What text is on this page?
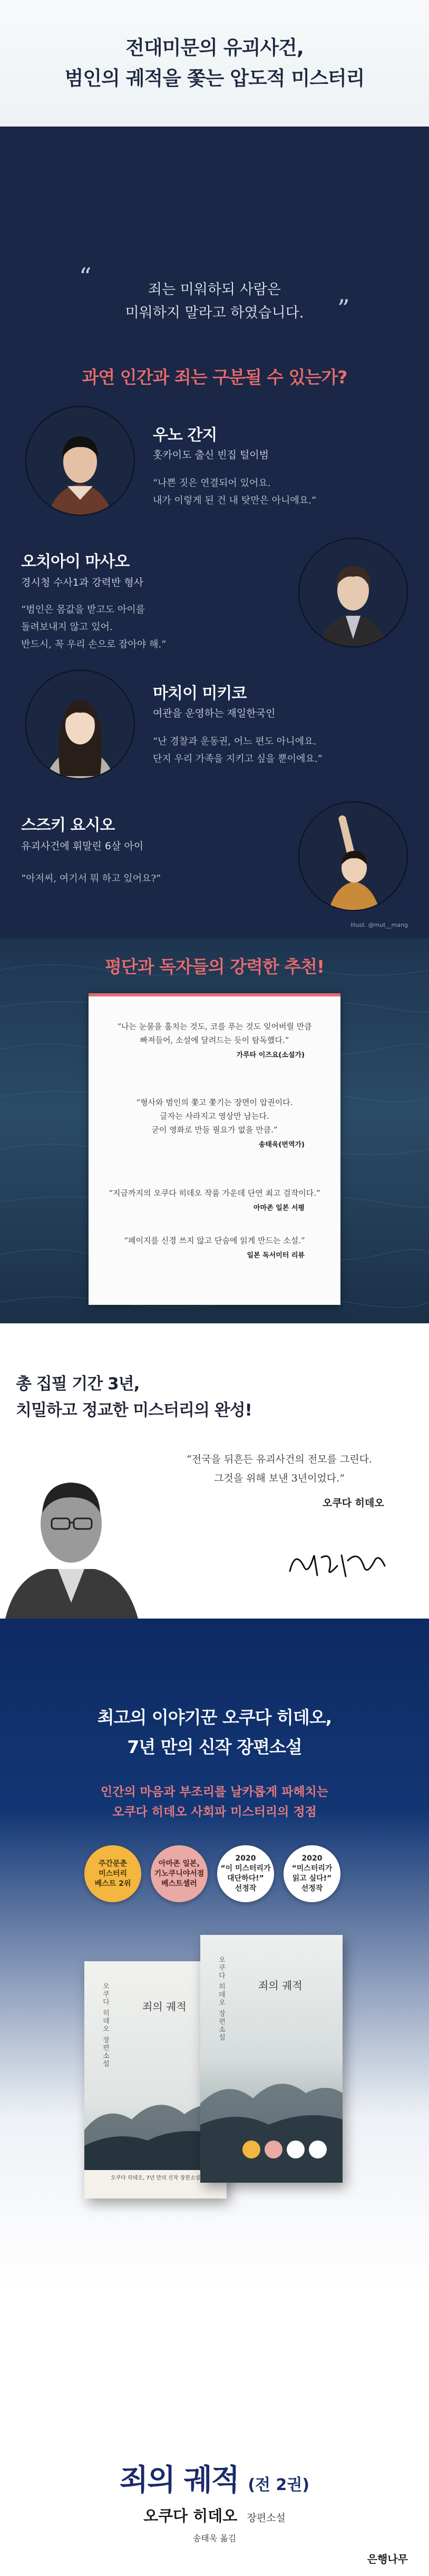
전대미문의 유괴사건,
범인의 궤적을 쫓는 압도적 미스터리
“
”
죄는 미워하되 사람은
미워하지 말라고 하였습니다.
과연 인간과 죄는 구분될 수 있는가?
우노 간지
홋카이도 출신 빈집 털이범
“나쁜 짓은 연결되어 있어요.
내가 이렇게 된 건 내 탓만은 아니에요.”
오치아이 마사오
경시청 수사1과 강력반 형사
“범인은 몸값을 받고도 아이를
돌려보내지 않고 있어.
반드시, 꼭 우리 손으로 잡아야 해.”
마치이 미키코
여관을 운영하는 재일한국인
“난 경찰과 운동권, 어느 편도 아니에요.
단지 우리 가족을 지키고 싶을 뿐이에요.”
스즈키 요시오
유괴사건에 휘말린 6살 아이
“아저씨, 여기서 뭐 하고 있어요?”
Illust. @mut__mang
평단과 독자들의 강력한 추천!
“나는 눈물을 훔치는 것도, 코를 푸는 것도 잊어버릴 만큼
빠져들어, 소설에 달려드는 듯이 탐독했다.”
가루타 이즈요(소설가)
“형사와 범인의 쫓고 쫓기는 장면이 압권이다.
글자는 사라지고 영상만 남는다.
굳이 영화로 만들 필요가 없을 만큼.”
송태욱(번역가)
“지금까지의 오쿠다 히데오 작품 가운데 단연 최고 걸작이다.”
아마존 일본 서평
“페이지를 신경 쓰지 않고 단숨에 읽게 만드는 소설.”
일본 독서미터 리뷰
총 집필 기간 3년,
치밀하고 정교한 미스터리의 완성!
“전국을 뒤흔든 유괴사건의 전모를 그린다.
그것을 위해 보낸 3년이었다.”
오쿠다 히데오
최고의 이야기꾼 오쿠다 히데오,
7년 만의 신작 장편소설
인간의 마음과 부조리를 날카롭게 파헤치는
오쿠다 히데오 사회파 미스터리의 정점
주간문춘
미스터리
베스트 2위
아마존 일본,
기노쿠니야서점
베스트셀러
2020
“이 미스터리가
대단하다!”
선정작
2020
“미스터리가
읽고 싶다!”
선정작
죄의 궤적
오쿠다 히데오 장편소설
오쿠다 히데오, 7년 만의 신작 장편소설
죄의 궤적
오쿠다 히데오 장편소설
죄의 궤적 (전 2권)
오쿠다 히데오 장편소설
송태욱 옮김
은행나무
